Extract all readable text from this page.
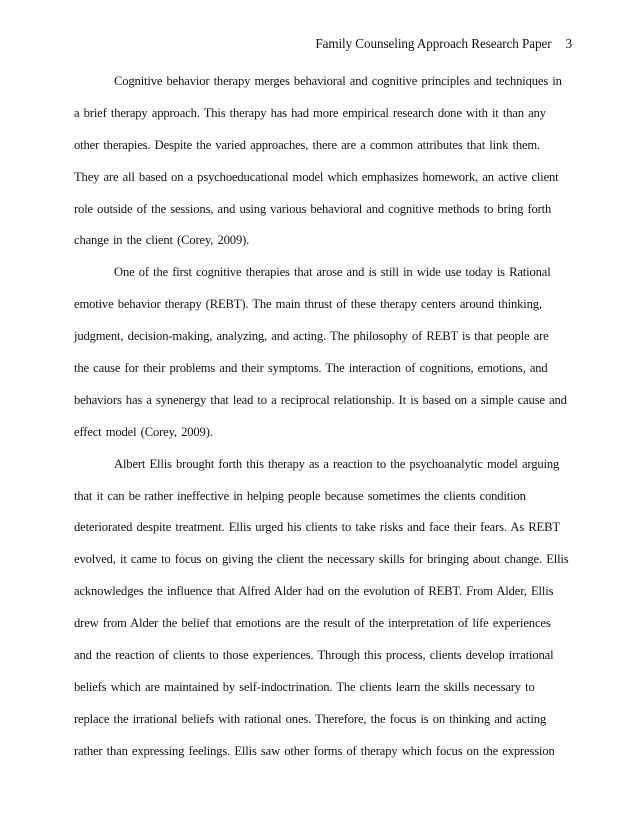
Family Counseling Approach Research Paper 3
Cognitive behavior therapy merges behavioral and cognitive principles and techniques in
a brief therapy approach. This therapy has had more empirical research done with it than any
other therapies. Despite the varied approaches, there are a common attributes that link them.
They are all based on a psychoeducational model which emphasizes homework, an active client
role outside of the sessions, and using various behavioral and cognitive methods to bring forth
change in the client (Corey, 2009).
One of the first cognitive therapies that arose and is still in wide use today is Rational
emotive behavior therapy (REBT). The main thrust of these therapy centers around thinking,
judgment, decision-making, analyzing, and acting. The philosophy of REBT is that people are
the cause for their problems and their symptoms. The interaction of cognitions, emotions, and
behaviors has a synenergy that lead to a reciprocal relationship. It is based on a simple cause and
effect model (Corey, 2009).
Albert Ellis brought forth this therapy as a reaction to the psychoanalytic model arguing
that it can be rather ineffective in helping people because sometimes the clients condition
deteriorated despite treatment. Ellis urged his clients to take risks and face their fears. As REBT
evolved, it came to focus on giving the client the necessary skills for bringing about change. Ellis
acknowledges the influence that Alfred Alder had on the evolution of REBT. From Alder, Ellis
drew from Alder the belief that emotions are the result of the interpretation of life experiences
and the reaction of clients to those experiences. Through this process, clients develop irrational
beliefs which are maintained by self-indoctrination. The clients learn the skills necessary to
replace the irrational beliefs with rational ones. Therefore, the focus is on thinking and acting
rather than expressing feelings. Ellis saw other forms of therapy which focus on the expression
